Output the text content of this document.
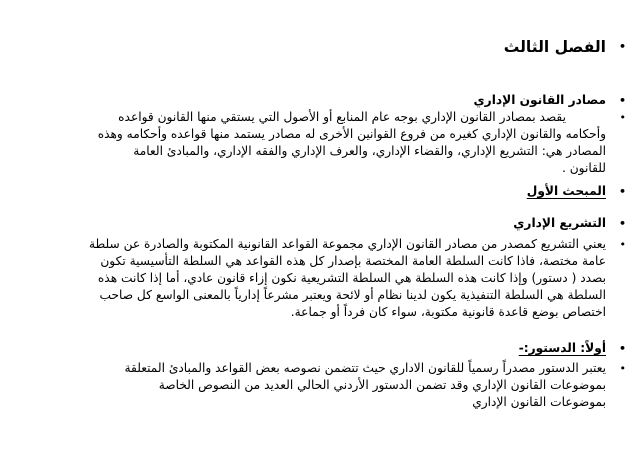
•
الفصل الثالث
•
مصادر القانون الإداري
•
يقصد بمصادر القانون الإداري بوجه عام المنابع أو الأصول التي يستقي منها القانون قواعده
وأحكامه والقانون الإداري كغيره من فروع القوانين الأخرى له مصادر يستمد منها قواعده وأحكامه وهذه
المصادر هي: التشريع الإداري، والقضاء الإداري، والعرف الإداري والفقه الإداري، والمبادئ العامة
للقانون .
•
المبحث الأول
•
التشريع الإداري
•
يعني التشريع كمصدر من مصادر القانون الإداري مجموعة القواعد القانونية المكتوبة والصادرة عن سلطة
عامة مختصة، فاذا كانت السلطة العامة المختصة بإصدار كل هذه القواعد هي السلطة التأسيسية تكون
بصدد ( دستور) وإذا كانت هذه السلطة هي السلطة التشريعية نكون إزاء قانون عادي، أما إذا كانت هذه
السلطة هي السلطة التنفيذية يكون لدينا نظام أو لائحة ويعتبر مشرعاً إدارياً بالمعنى الواسع كل صاحب
اختصاص بوضع قاعدة قانونية مكتوبة، سواء كان فرداً أو جماعة.
•
أولاً: الدستور:-
•
يعتبر الدستور مصدراً رسمياً للقانون الاداري حيث تتضمن نصوصه بعض القواعد والمبادئ المتعلقة
بموضوعات القانون الإداري وقد تضمن الدستور الأردني الحالي العديد من النصوص الخاصة
بموضوعات القانون الإداري
